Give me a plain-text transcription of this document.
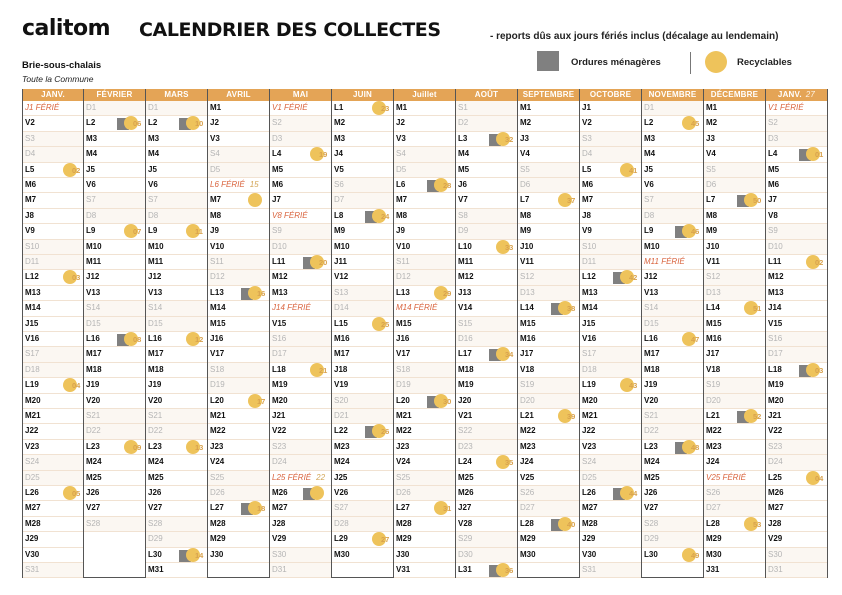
calitom CALENDRIER DES COLLECTES	- reports dûs aux jours fériés inclus (décalage au lendemain)
Brie-sous-chalais
Toute la Commune
Ordures ménagères	Recyclables
JANV.
J1 FÉRIÉ
V2
S3
D4
L5	02
M6
M7
J8
V9
S10
D11
L12	03
M13
M14
J15
V16
S17
D18
L19	04
M20
M21
J22
V23
S24
D25
L26	05
M27
M28
J29
V30
S31
FÉVRIER
D1
L2	06
M3
M4
J5
V6
S7
D8
L9	07
M10
M11
J12
V13
S14
D15
L16	08
M17
M18
J19
V20
S21
D22
L23	09
M24
M25
J26
V27
S28
MARS
D1
L2	10
M3
M4
J5
V6
S7
D8
L9	11
M10
M11
J12
V13
S14
D15
L16	12
M17
M18
J19
V20
S21
D22
L23	13
M24
M25
J26
V27
S28
D29
L30	14
M31
AVRIL
M1
J2
V3
S4
D5
L6 FÉRIÉ 15
M7
M8
J9
V10
S11
D12
L13	16
M14
M15
J16
V17
S18
D19
L20	17
M21
M22
J23
V24
S25
D26
L27	18
M28
M29
J30
MAI
V1 FÉRIÉ
S2
D3
L4	19
M5
M6
J7
V8 FÉRIÉ
S9
D10
L11	20
M12
M13
J14 FÉRIÉ
V15
S16
D17
L18	21
M19
M20
J21
V22
S23
D24
L25 FÉRIÉ 22
M26
M27
J28
V29
S30
D31
JUIN
L1	23
M2
M3
J4
V5
S6
D7
L8	24
M9
M10
J11
V12
S13
D14
L15	25
M16
M17
J18
V19
S20
D21
L22	26
M23
M24
J25
V26
S27
D28
L29	27
M30
Juillet
M1
J2
V3
S4
D5
L6	28
M7
M8
J9
V10
S11
D12
L13	29
M14 FÉRIÉ
M15
J16
V17
S18
D19
L20	30
M21
M22
J23
V24
S25
D26
L27	31
M28
M29
J30
V31
AOÛT
S1
D2
L3	32
M4
M5
J6
V7
S8
D9
L10	33
M11
M12
J13
V14
S15
D16
L17	34
M18
M19
J20
V21
S22
D23
L24	35
M25
M26
J27
V28
S29
D30
L31	36
SEPTEMBRE
M1
M2
J3
V4
S5
D6
L7	37
M8
M9
J10
V11
S12
D13
L14	38
M15
M16
J17
V18
S19
D20
L21	39
M22
M23
J24
V25
S26
D27
L28	40
M29
M30
OCTOBRE
J1
V2
S3
D4
L5	41
M6
M7
J8
V9
S10
D11
L12	42
M13
M14
J15
V16
S17
D18
L19	43
M20
M21
J22
V23
S24
D25
L26	44
M27
M28
J29
V30
S31
NOVEMBRE
D1
L2	45
M3
M4
J5
V6
S7
D8
L9	46
M10
M11 FÉRIÉ
J12
V13
S14
D15
L16	47
M17
M18
J19
V20
S21
D22
L23	48
M24
M25
J26
V27
S28
D29
L30	49
DÉCEMBRE
M1
M2
J3
V4
S5
D6
L7	50
M8
M9
J10
V11
S12
D13
L14	51
M15
M16
J17
V18
S19
D20
L21	52
M22
M23
J24
V25 FÉRIÉ
S26
D27
L28	53
M29
M30
J31
JANV. 27
V1 FÉRIÉ
S2
D3
L4	01
M5
M6
J7
V8
S9
D10
L11	02
M12
M13
J14
V15
S16
D17
L18	03
M19
M20
J21
V22
S23
D24
L25	04
M26
M27
J28
V29
S30
D31
